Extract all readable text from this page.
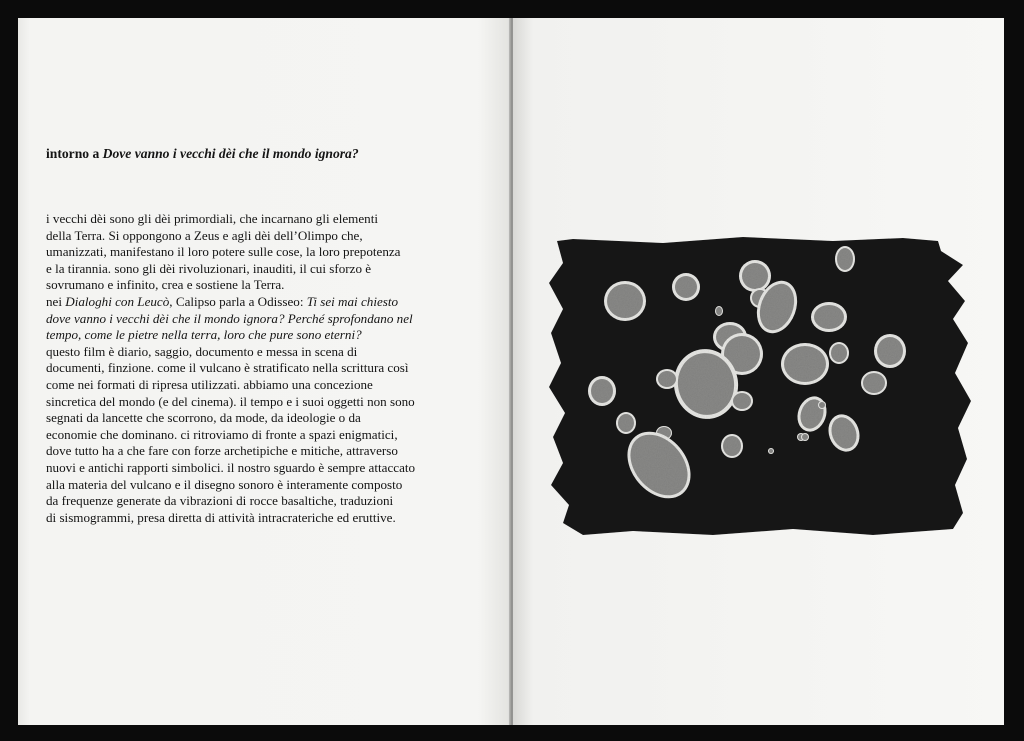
intorno a Dove vanno i vecchi dèi che il mondo ignora?

i vecchi dèi sono gli dèi primordiali, che incarnano gli elementi
della Terra. Si oppongono a Zeus e agli dèi dell’Olimpo che,
umanizzati, manifestano il loro potere sulle cose, la loro prepotenza
e la tirannia. sono gli dèi rivoluzionari, inauditi, il cui sforzo è
sovrumano e infinito, crea e sostiene la Terra.
nei Dialoghi con Leucò, Calipso parla a Odisseo: Ti sei mai chiesto
dove vanno i vecchi dèi che il mondo ignora? Perché sprofondano nel
tempo, come le pietre nella terra, loro che pure sono eterni?
questo film è diario, saggio, documento e messa in scena di
documenti, finzione. come il vulcano è stratificato nella scrittura così
come nei formati di ripresa utilizzati. abbiamo una concezione
sincretica del mondo (e del cinema). il tempo e i suoi oggetti non sono
segnati da lancette che scorrono, da mode, da ideologie o da
economie che dominano. ci ritroviamo di fronte a spazi enigmatici,
dove tutto ha a che fare con forze archetipiche e mitiche, attraverso
nuovi e antichi rapporti simbolici. il nostro sguardo è sempre attaccato
alla materia del vulcano e il disegno sonoro è interamente composto
da frequenze generate da vibrazioni di rocce basaltiche, traduzioni
di sismogrammi, presa diretta di attività intracrateriche ed eruttive.
